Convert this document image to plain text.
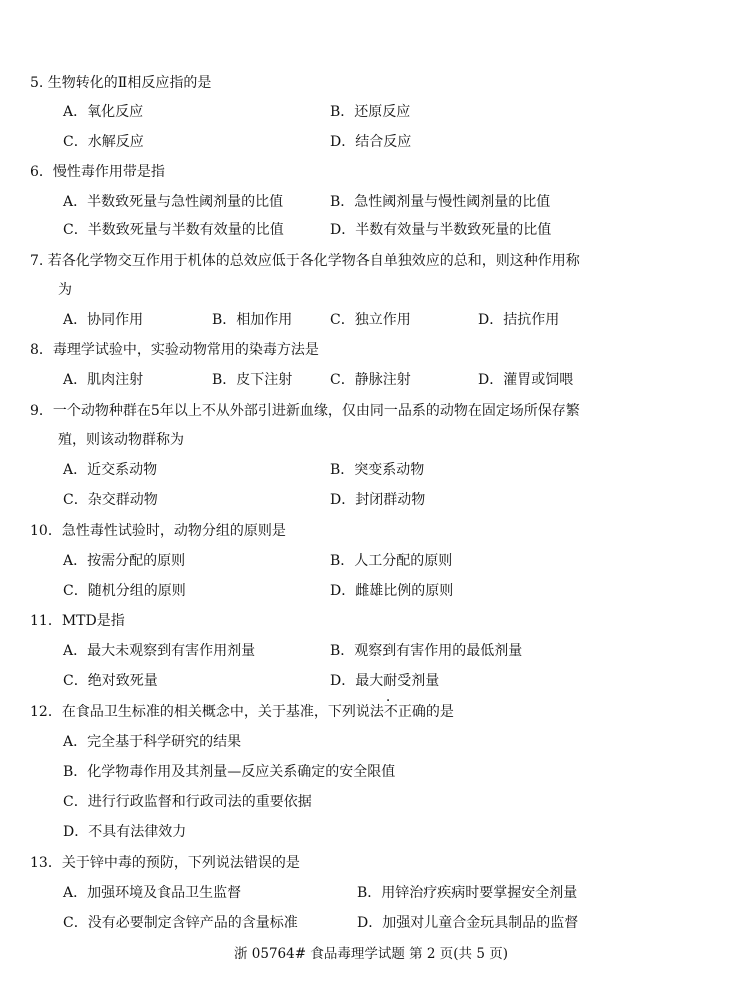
5. 生物转化的Ⅱ相反应指的是
A．氧化反应	B．还原反应
C．水解反应	D．结合反应
6．慢性毒作用带是指
A．半数致死量与急性阈剂量的比值	B．急性阈剂量与慢性阈剂量的比值
C．半数致死量与半数有效量的比值	D．半数有效量与半数致死量的比值
7. 若各化学物交互作用于机体的总效应低于各化学物各自单独效应的总和，则这种作用称
为
A．协同作用	B．相加作用	C．独立作用	D．拮抗作用
8．毒理学试验中，实验动物常用的染毒方法是
A．肌肉注射	B．皮下注射	C．静脉注射	D．灌胃或饲喂
9．一个动物种群在5年以上不从外部引进新血缘，仅由同一品系的动物在固定场所保存繁
殖，则该动物群称为
A．近交系动物	B．突变系动物
C．杂交群动物	D．封闭群动物
10．急性毒性试验时，动物分组的原则是
A．按需分配的原则	B．人工分配的原则
C．随机分组的原则	D．雌雄比例的原则
11．MTD是指
A．最大未观察到有害作用剂量	B．观察到有害作用的最低剂量
C．绝对致死量	D．最大耐受剂量
12．在食品卫生标准的相关概念中，关于基准，下列说法不正确的是
A．完全基于科学研究的结果
B．化学物毒作用及其剂量—反应关系确定的安全限值
C．进行行政监督和行政司法的重要依据
D．不具有法律效力
13．关于锌中毒的预防，下列说法错误的是
A．加强环境及食品卫生监督	B．用锌治疗疾病时要掌握安全剂量
C．没有必要制定含锌产品的含量标准	D．加强对儿童合金玩具制品的监督
浙 05764# 食品毒理学试题 第 2 页(共 5 页)
